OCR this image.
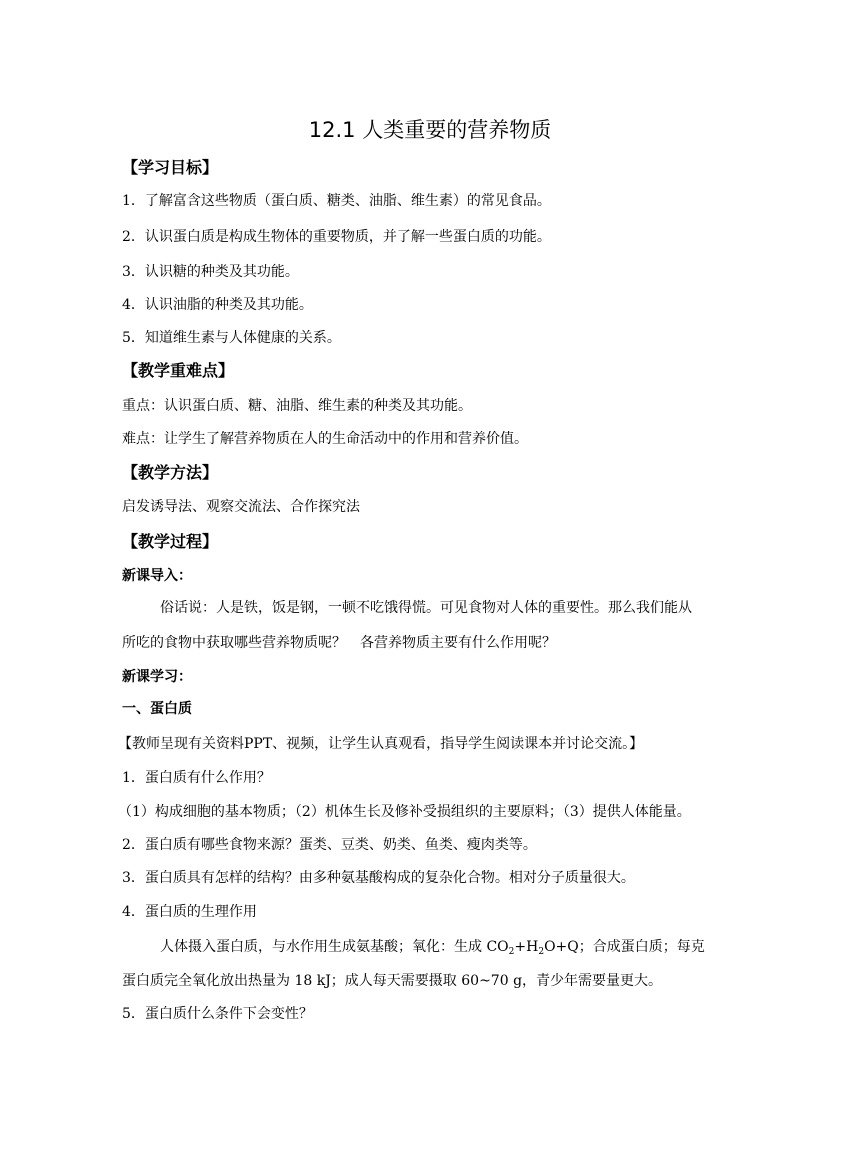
12.1 人类重要的营养物质
【学习目标】
1．了解富含这些物质（蛋白质、糖类、油脂、维生素）的常见食品。
2．认识蛋白质是构成生物体的重要物质，并了解一些蛋白质的功能。
3．认识糖的种类及其功能。
4．认识油脂的种类及其功能。
5．知道维生素与人体健康的关系。
【教学重难点】
重点：认识蛋白质、糖、油脂、维生素的种类及其功能。
难点：让学生了解营养物质在人的生命活动中的作用和营养价值。
【教学方法】
启发诱导法、观察交流法、合作探究法
【教学过程】
新课导入：
俗话说：人是铁，饭是钢，一顿不吃饿得慌。可见食物对人体的重要性。那么我们能从
所吃的食物中获取哪些营养物质呢？　各营养物质主要有什么作用呢？
新课学习：
一、蛋白质
【教师呈现有关资料PPT、视频，让学生认真观看，指导学生阅读课本并讨论交流。】
1．蛋白质有什么作用？
（1）构成细胞的基本物质；（2）机体生长及修补受损组织的主要原料；（3）提供人体能量。
2．蛋白质有哪些食物来源？蛋类、豆类、奶类、鱼类、瘦肉类等。
3．蛋白质具有怎样的结构？由多种氨基酸构成的复杂化合物。相对分子质量很大。
4．蛋白质的生理作用
人体摄入蛋白质，与水作用生成氨基酸；氧化：生成 $CO_2+H_2O+Q$；合成蛋白质；每克
蛋白质完全氧化放出热量为 18 kJ；成人每天需要摄取 60~70 g，青少年需要量更大。
5．蛋白质什么条件下会变性？
